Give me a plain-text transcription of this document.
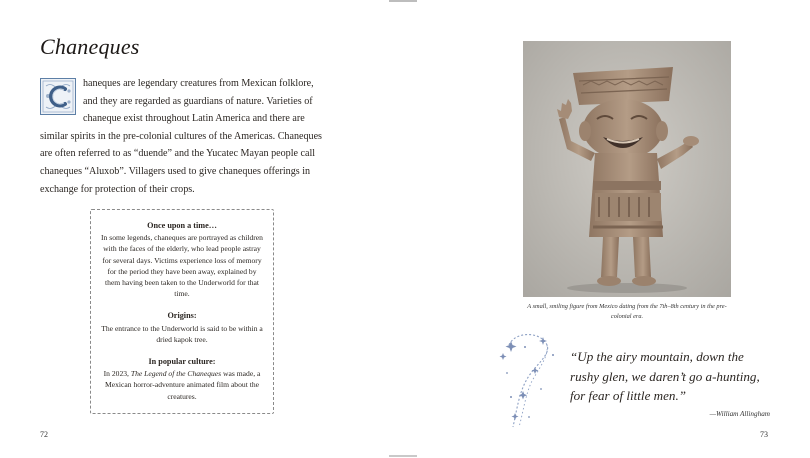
Chaneques
haneques are legendary creatures from Mexican folklore, and they are regarded as guardians of nature. Varieties of chaneque exist throughout Latin America and there are similar spirits in the pre-colonial cultures of the Americas. Chaneques are often referred to as “duende” and the Yucatec Mayan people call chaneques “Aluxob”. Villagers used to give chaneques offerings in exchange for protection of their crops.
Once upon a time…

In some legends, chaneques are portrayed as children with the faces of the elderly, who lead people astray for several days. Victims experience loss of memory for the period they have been away, explained by them having been taken to the Underworld for that time.

Origins:

The entrance to the Underworld is said to be within a dried kapok tree.

In popular culture:

In 2023, The Legend of the Chaneques was made, a Mexican horror-adventure animated film about the creatures.

72
A small, smiling figure from Mexico dating from the 7th–8th century in the pre-colonial era.
“Up the airy mountain, down the rushy glen, we daren’t go a-hunting, for fear of little men.”
—William Allingham
73
